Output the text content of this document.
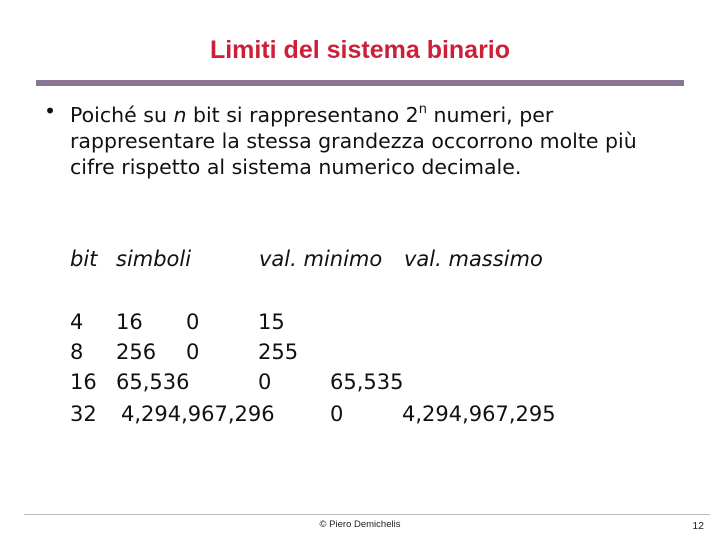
Limiti del sistema binario
• Poiché su n bit si rappresentano 2$^n$ numeri, per rappresentare la stessa grandezza occorrono molte più cifre rispetto al sistema numerico decimale.
bit simboli	val. minimo val. massimo
4 16 0	15
8 256 0	255
16 65,536	0	65,535
32 4,294,967,296	0	4,294,967,295
© Piero Demichelis	12
